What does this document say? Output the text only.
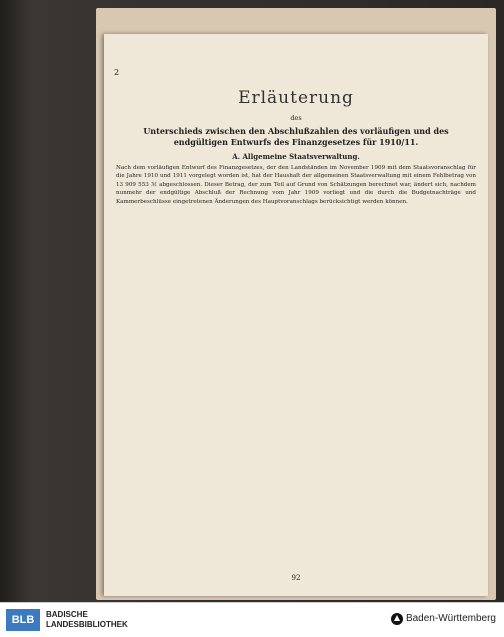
2
Erläuterung
des
Unterschieds zwischen den Abschlußzahlen des vorläufigen und des endgültigen Entwurfs des Finanzgesetzes für 1910/11.
A. Allgemeine Staatsverwaltung.
Nach dem vorläufigen Entwurf des Finanzgesetzes, der den Landständen im November 1909 mit dem Staatsvoranschlag für die Jahre 1910 und 1911 vorgelegt worden ist, hat der Haushalt der allgemeinen Staatsverwaltung mit einem Fehlbetrag von 13 909 553 ℳ abgeschlossen. Dieser Betrag, der zum Teil auf Grund von Schätzungen berechnet war, ändert sich, nachdem nunmehr der endgültige Abschluß der Rechnung vom Jahr 1909 vorliegt und die durch die Budgetnachträge und Kammerbeschlüsse eingetretenen Änderungen des Hauptvoranschlags berücksichtigt werden können.
92
BLB	BADISCHE
LANDESBIBLIOTHEK
Baden-Württemberg
